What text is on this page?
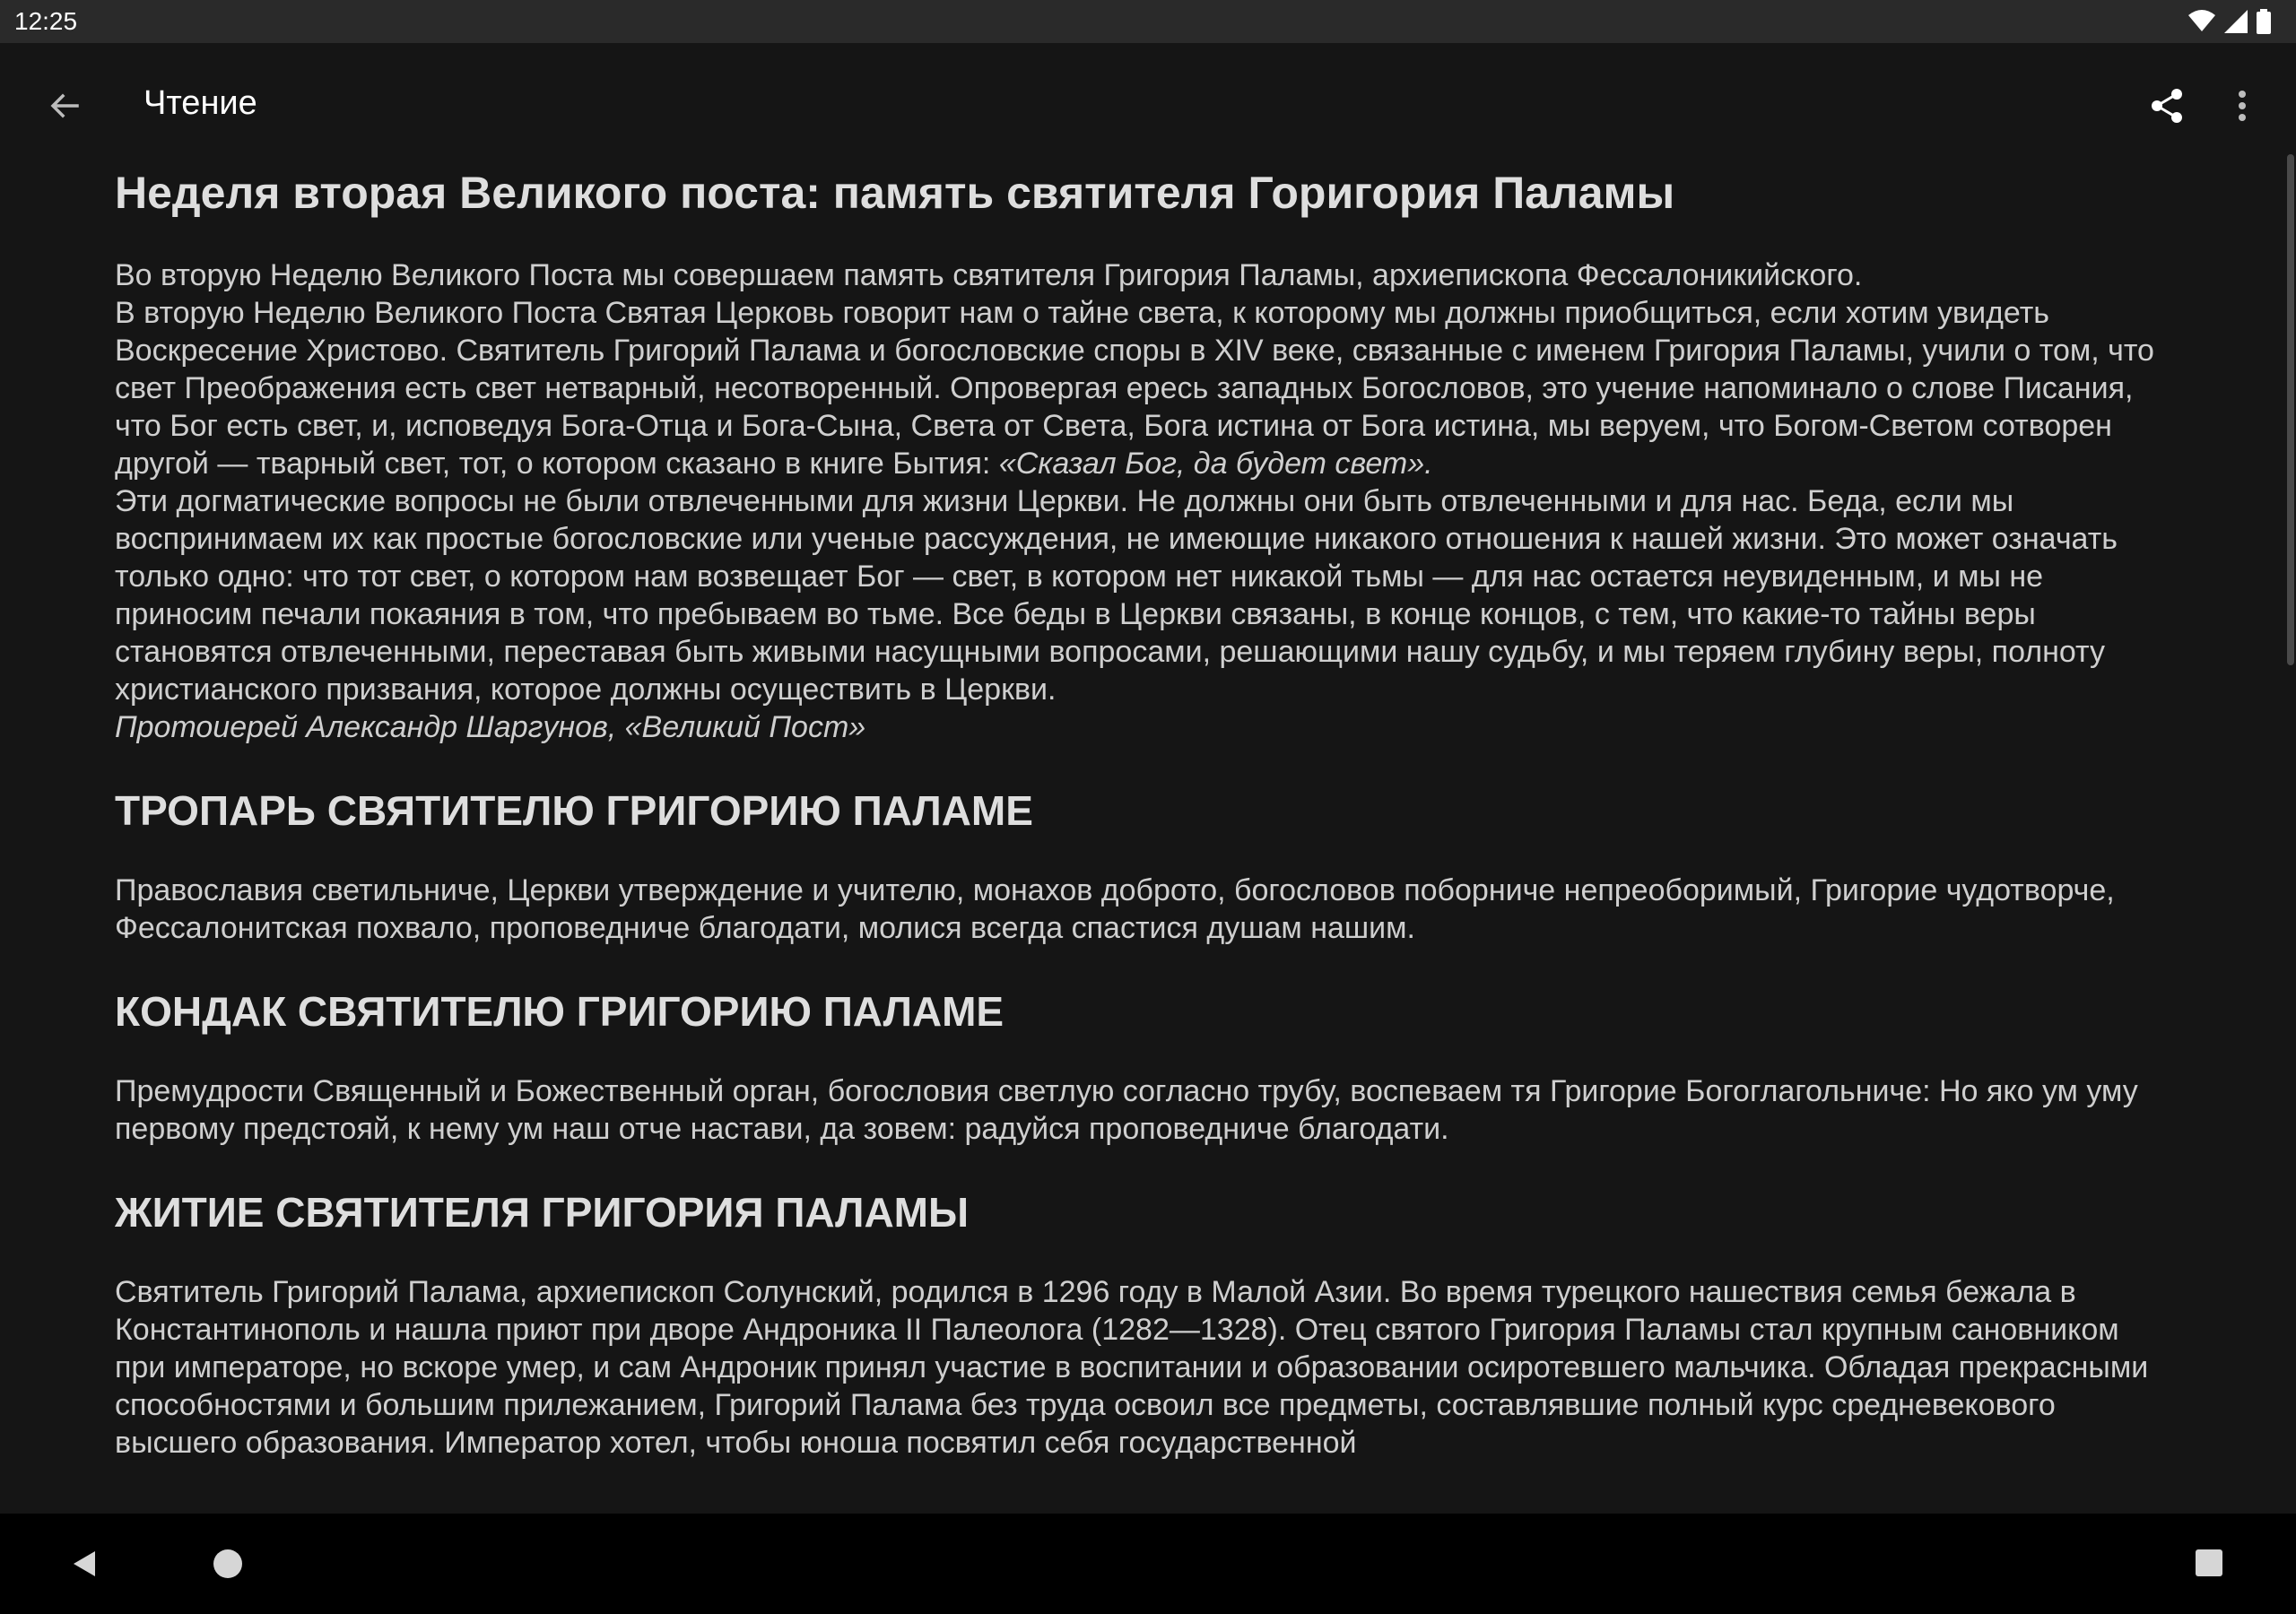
12:25
Чтение
Неделя вторая Великого поста: память святителя Горигория Паламы

Во вторую Неделю Великого Поста мы совершаем память святителя Григория Паламы, архиепископа Фессалоникийского.

В вторую Неделю Великого Поста Святая Церковь говорит нам о тайне света, к которому мы должны приобщиться, если хотим увидеть Воскресение Христово. Святитель Григорий Палама и богословские споры в XIV веке, связанные с именем Григория Паламы, учили о том, что свет Преображения есть свет нетварный, несотворенный. Опровергая ересь западных Богословов, это учение напоминало о слове Писания, что Бог есть свет, и, исповедуя Бога-Отца и Бога-Сына, Света от Света, Бога истина от Бога истина, мы веруем, что Богом-Светом сотворен другой — тварный свет, тот, о котором сказано в книге Бытия: «Сказал Бог, да будет свет».

Эти догматические вопросы не были отвлеченными для жизни Церкви. Не должны они быть отвлеченными и для нас. Беда, если мы воспринимаем их как простые богословские или ученые рассуждения, не имеющие никакого отношения к нашей жизни. Это может означать только одно: что тот свет, о котором нам возвещает Бог — свет, в котором нет никакой тьмы — для нас остается неувиденным, и мы не приносим печали покаяния в том, что пребываем во тьме. Все беды в Церкви связаны, в конце концов, с тем, что какие-то тайны веры становятся отвлеченными, переставая быть живыми насущными вопросами, решающими нашу судьбу, и мы теряем глубину веры, полноту христианского призвания, которое должны осуществить в Церкви.

Протоиерей Александр Шаргунов, «Великий Пост»

ТРОПАРЬ СВЯТИТЕЛЮ ГРИГОРИЮ ПАЛАМЕ

Православия светильниче, Церкви утверждение и учителю, монахов доброто, богословов поборниче непреоборимый, Григорие чудотворче, Фессалонитская похвало, проповедниче благодати, молися всегда спастися душам нашим.

КОНДАК СВЯТИТЕЛЮ ГРИГОРИЮ ПАЛАМЕ

Премудрости Священный и Божественный орган, богословия светлую согласно трубу, воспеваем тя Григорие Богоглагольниче: Но яко ум уму первому предстояй, к нему ум наш отче настави, да зовем: радуйся проповедниче благодати.

ЖИТИЕ СВЯТИТЕЛЯ ГРИГОРИЯ ПАЛАМЫ

Святитель Григорий Палама, архиепископ Солунский, родился в 1296 году в Малой Азии. Во время турецкого нашествия семья бежала в Константинополь и нашла приют при дворе Андроника II Палеолога (1282—1328). Отец святого Григория Паламы стал крупным сановником при императоре, но вскоре умер, и сам Андроник принял участие в воспитании и образовании осиротевшего мальчика. Обладая прекрасными способностями и большим прилежанием, Григорий Палама без труда освоил все предметы, составлявшие полный курс средневекового высшего образования. Император хотел, чтобы юноша посвятил себя государственной
